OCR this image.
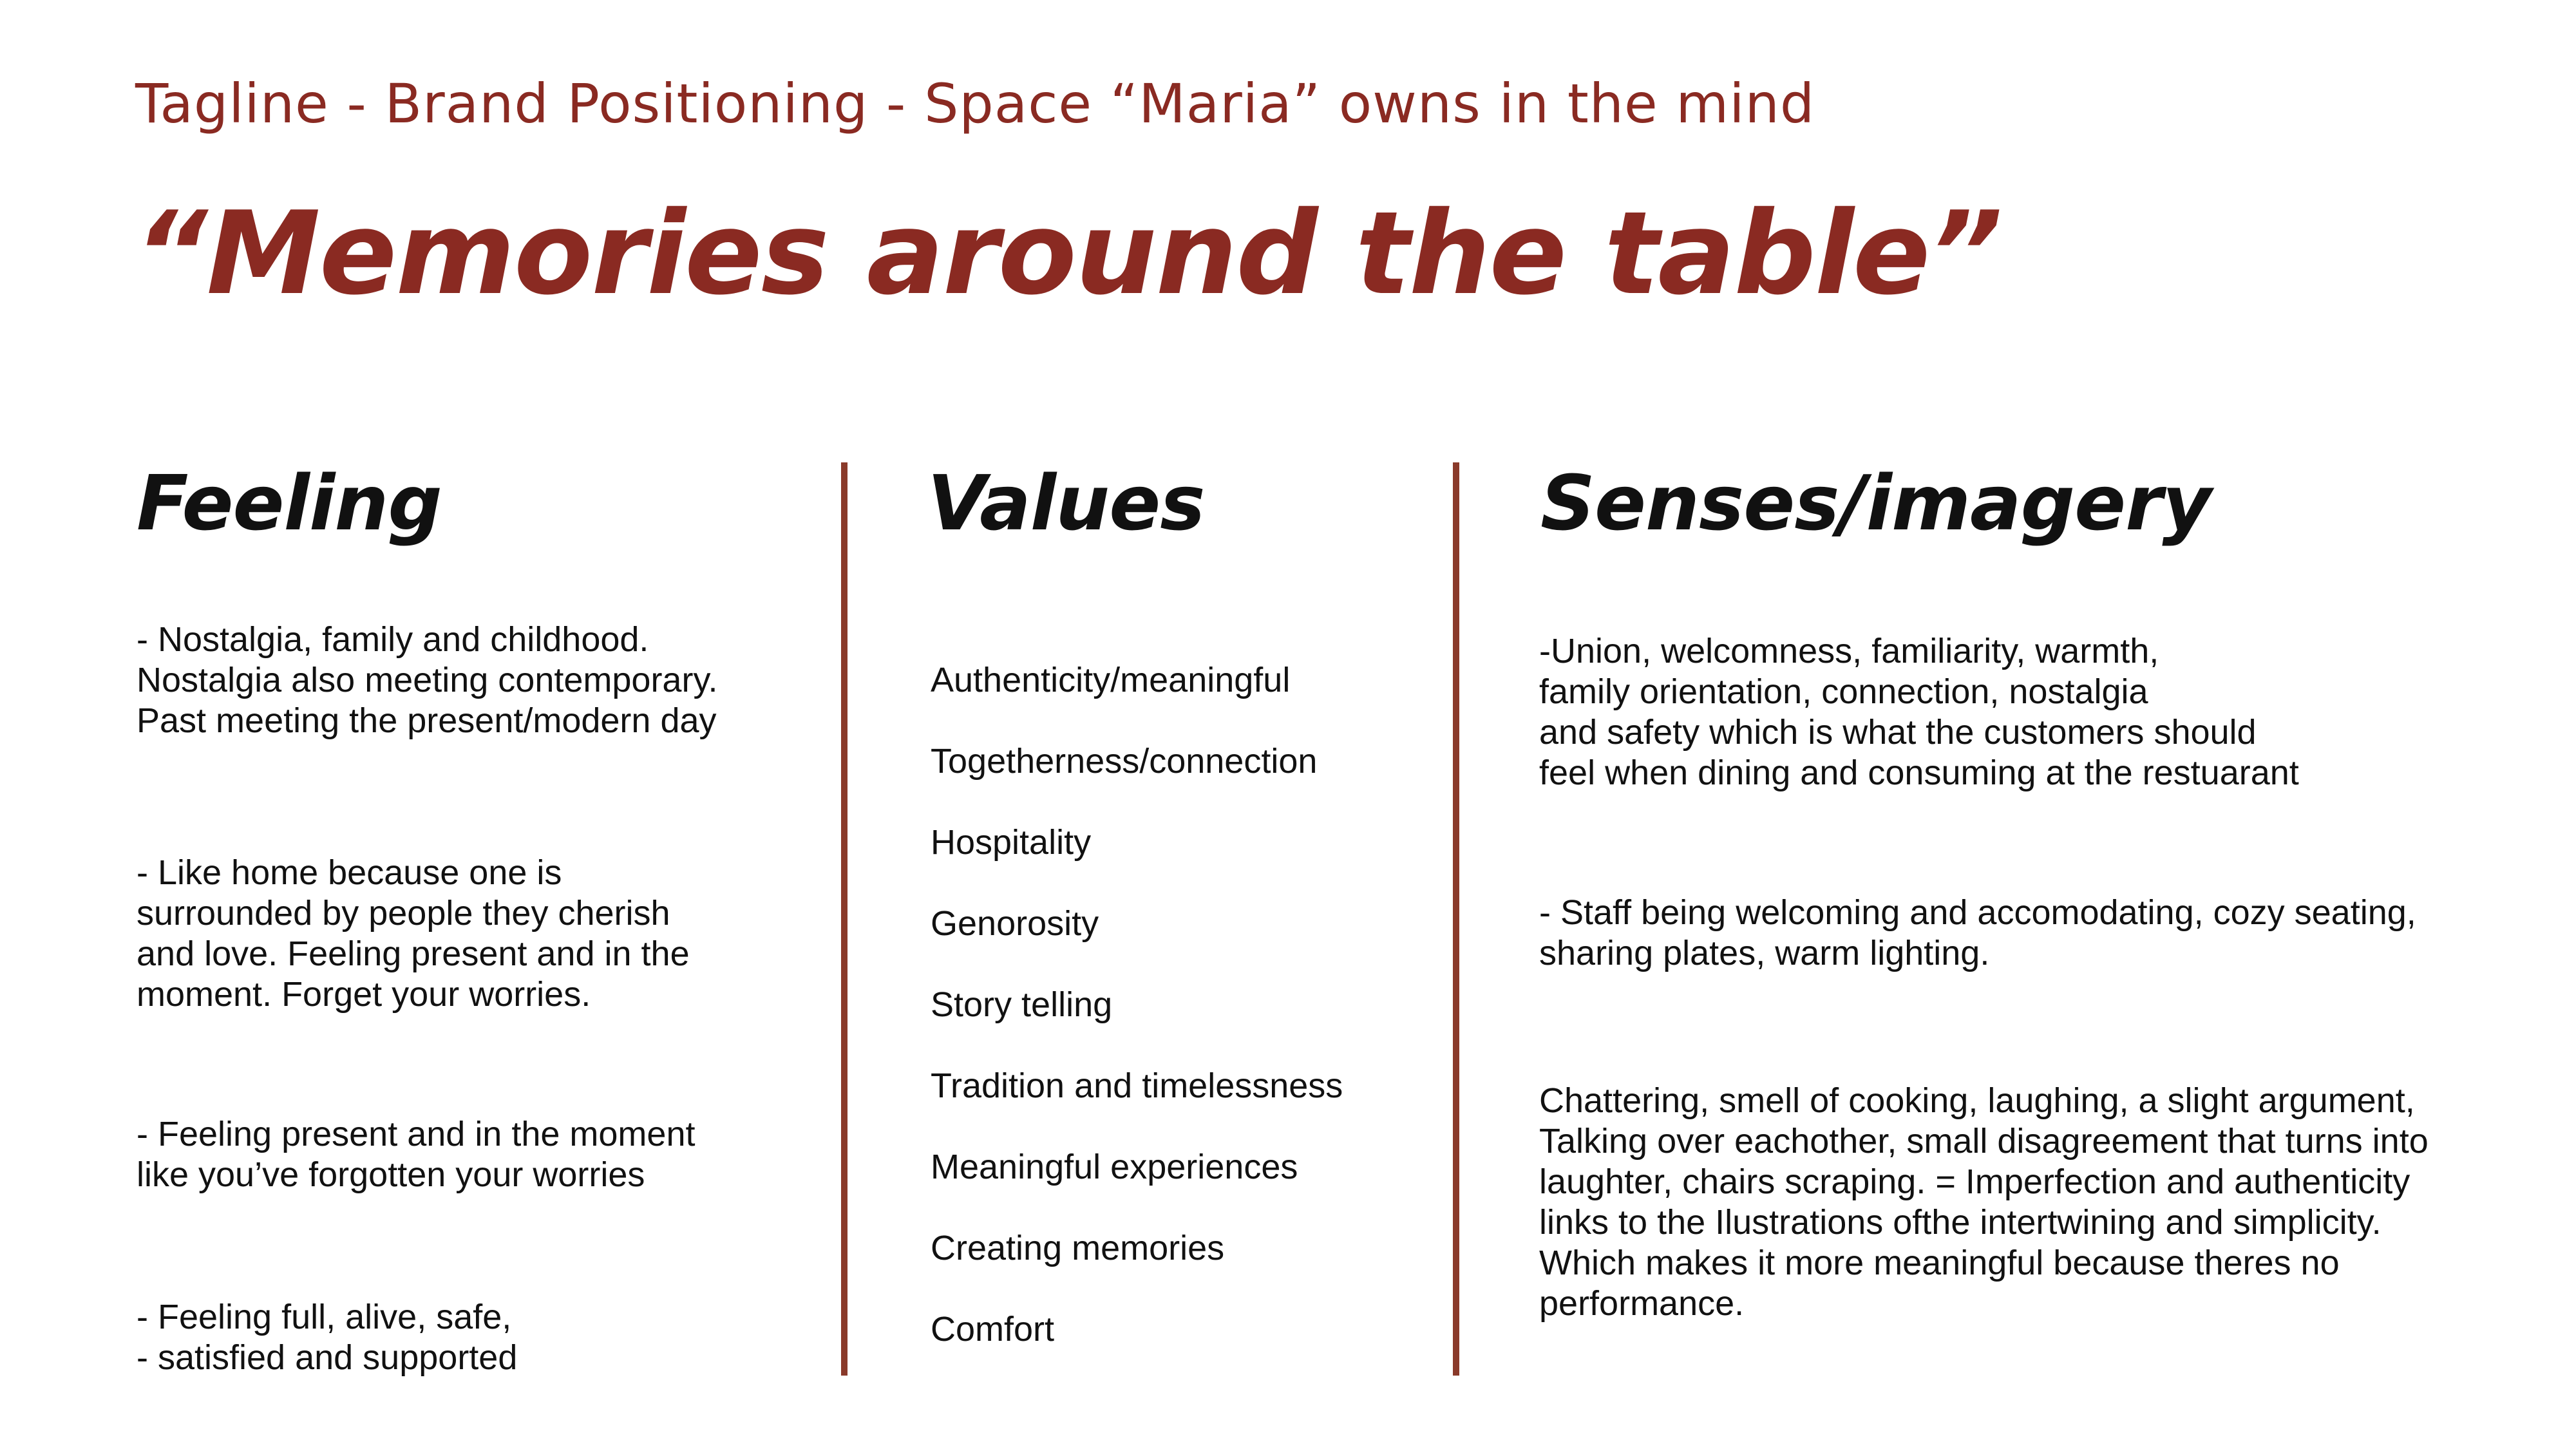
Tagline - Brand Positioning - Space “Maria” owns in the mind
“Memories around the table”
Feeling	Values	Senses/imagery
- Nostalgia, family and childhood.
Nostalgia also meeting contemporary.
Past meeting the present/modern day
- Like home because one is
surrounded by people they cherish
and love. Feeling present and in the
moment. Forget your worries.
- Feeling present and in the moment
like you’ve forgotten your worries
- Feeling full, alive, safe,
- satisfied and supported

Authenticity/meaningful

Togetherness/connection

Hospitality

Genorosity

Story telling

Tradition and timelessness

Meaningful experiences

Creating memories

Comfort

-Union, welcomness, familiarity, warmth,
family orientation, connection, nostalgia
and safety which is what the customers should
feel when dining and consuming at the restuarant
- Staff being welcoming and accomodating, cozy seating,
sharing plates, warm lighting.
Chattering, smell of cooking, laughing, a slight argument,
Talking over eachother, small disagreement that turns into
laughter, chairs scraping. = Imperfection and authenticity
links to the Ilustrations ofthe intertwining and simplicity.
Which makes it more meaningful because theres no
performance.
